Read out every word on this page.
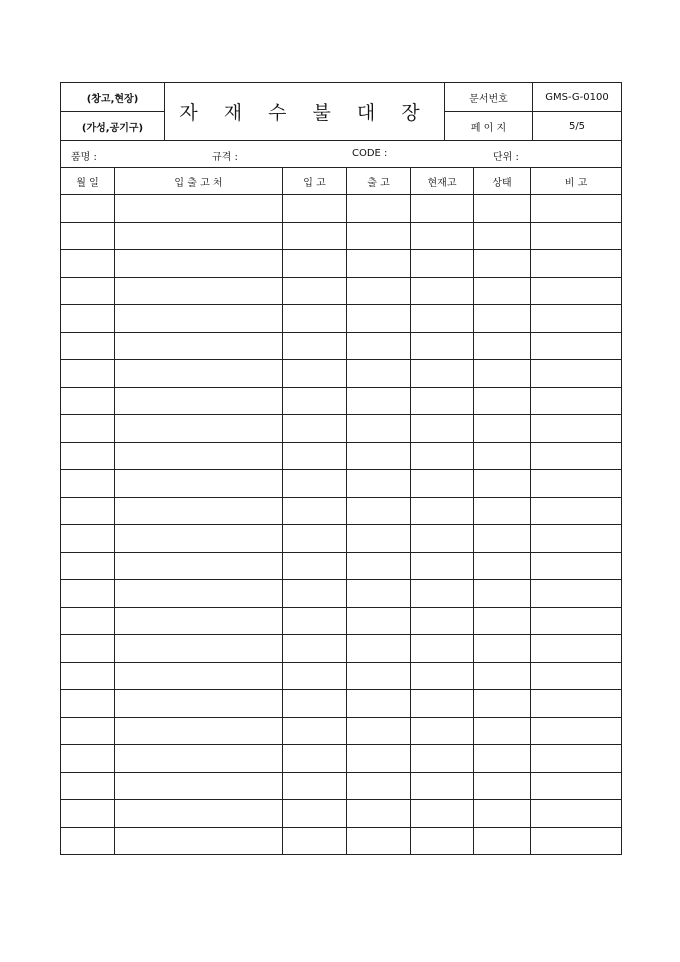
(창고,현장)	자 재 수 불 대 장	문서번호	GMS-G-0100
(가성,공기구)		페 이 지	5/5
품명 :	규격 :	CODE :	단위 :
월 일	입 출 고 처	입 고	출 고	현재고	상태	비 고
